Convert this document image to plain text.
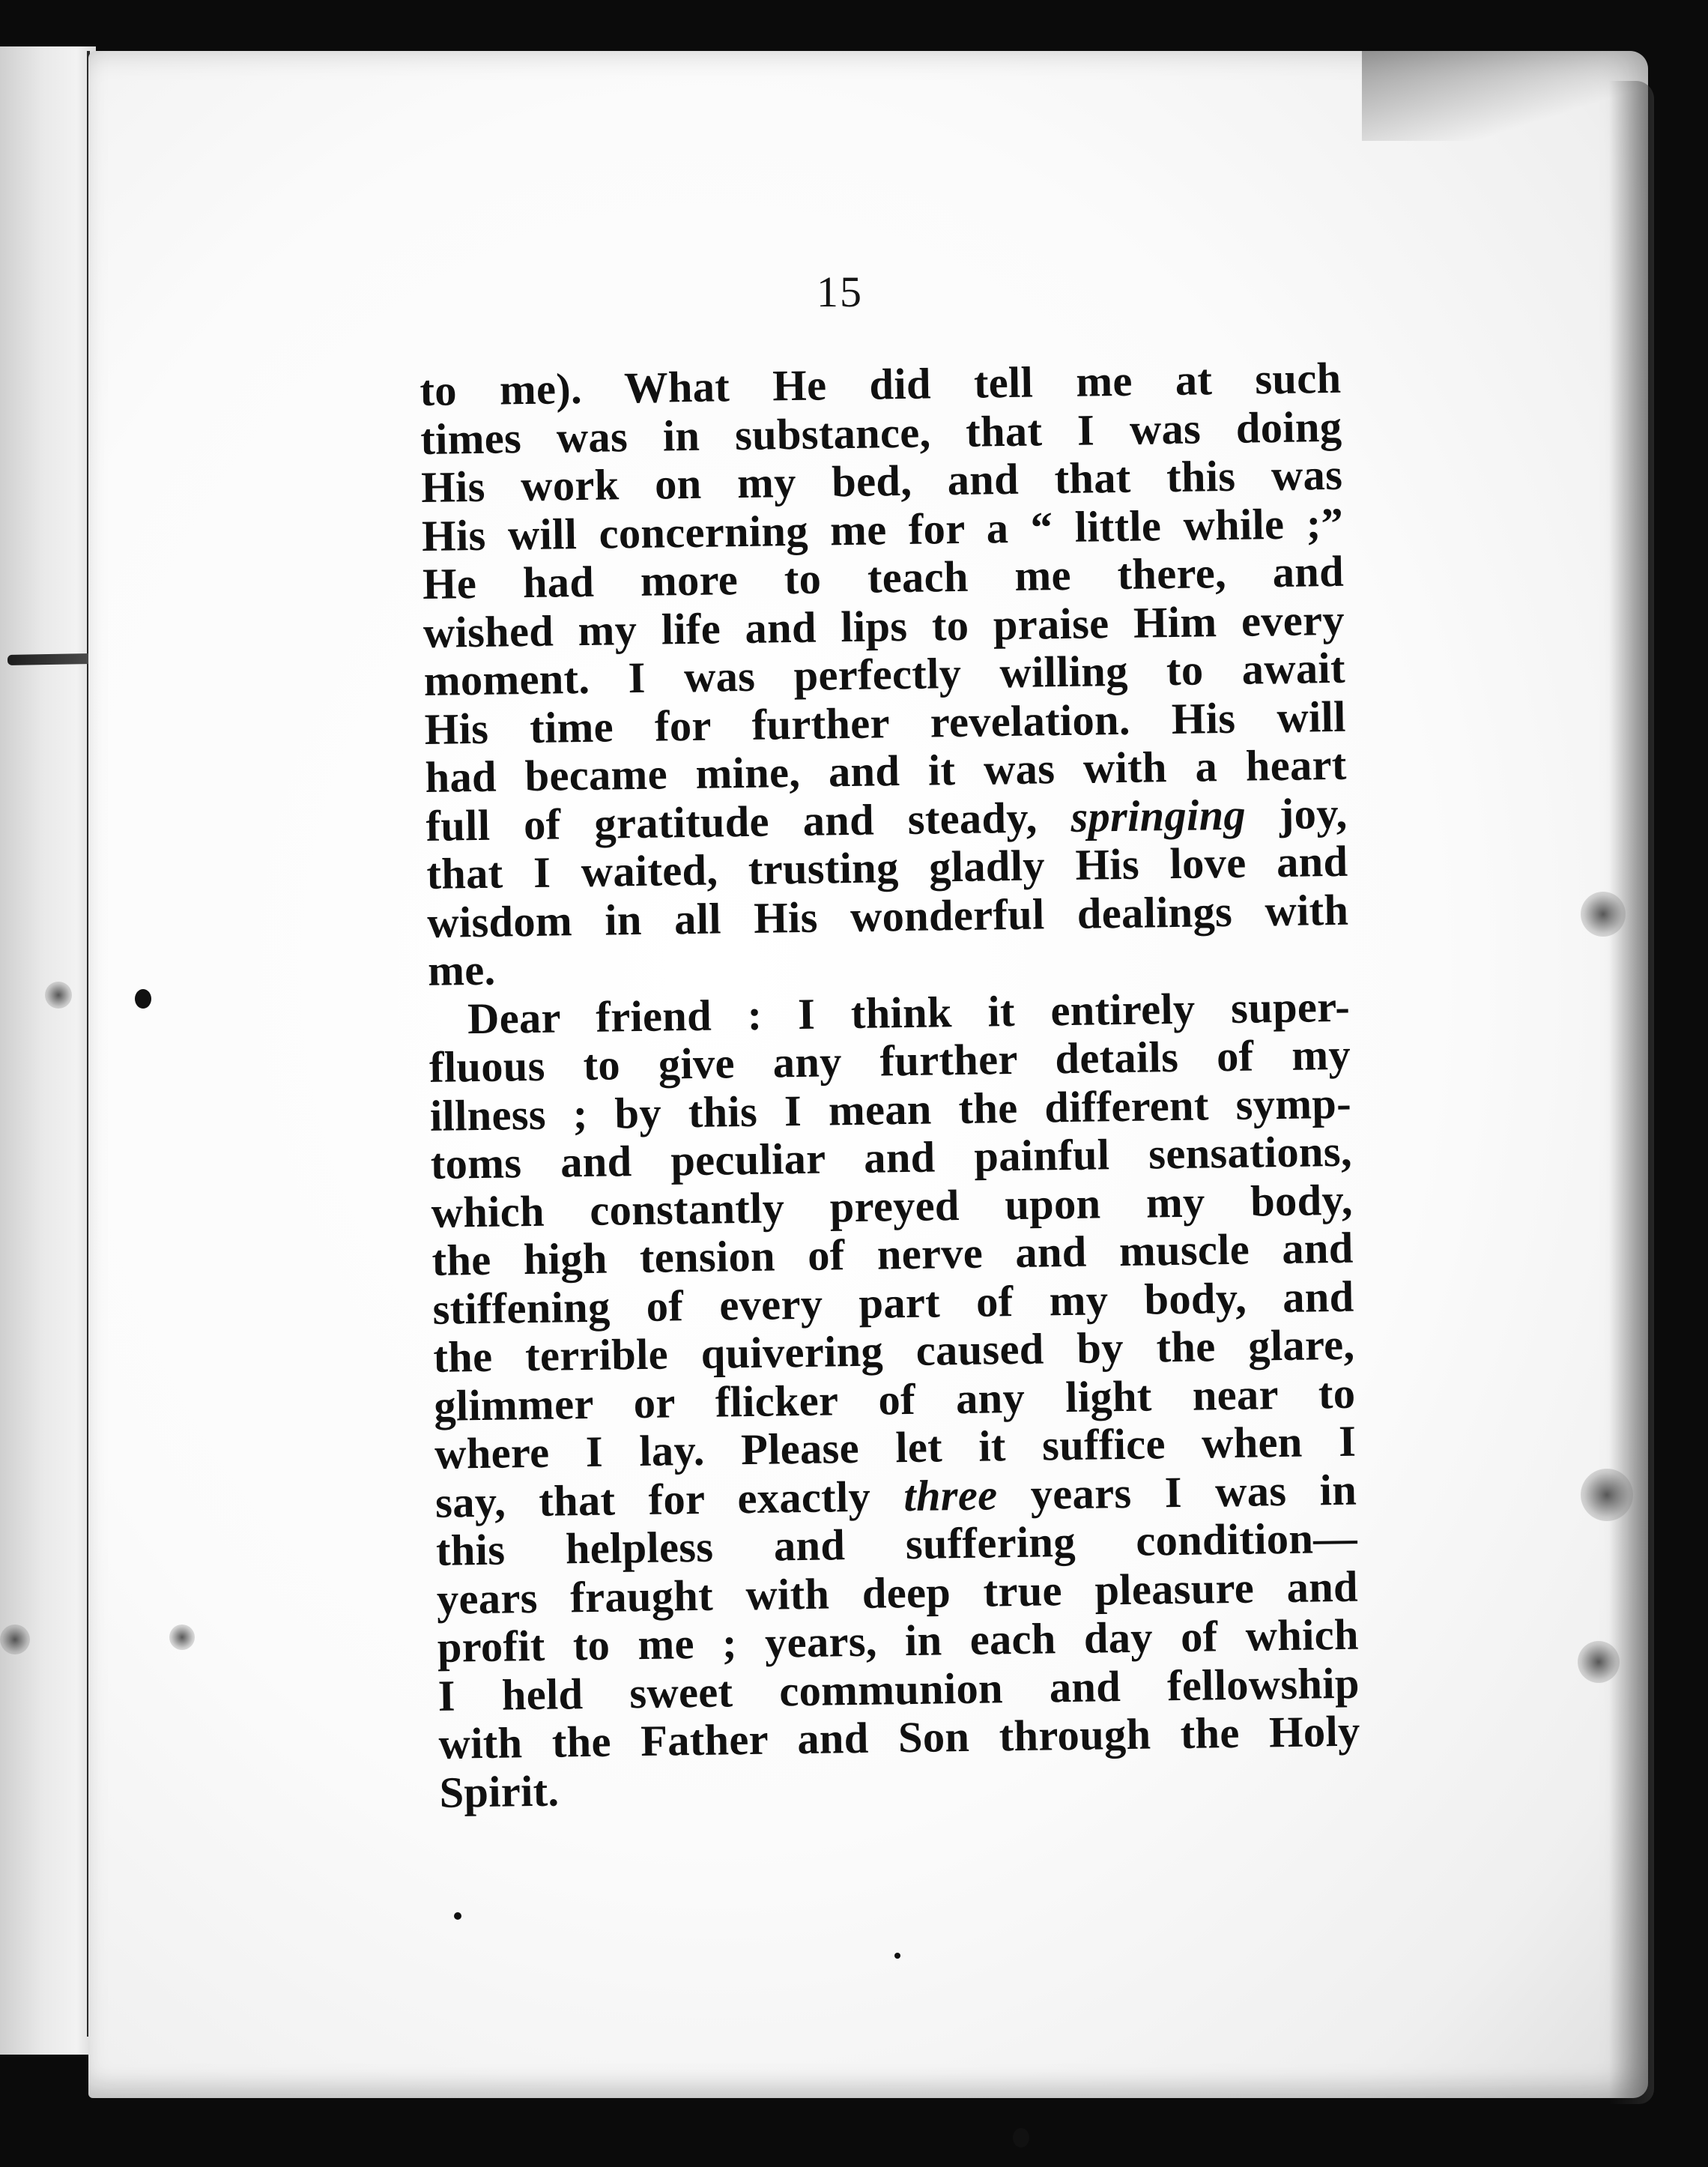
15
to me). What He did tell me at such
times was in substance, that I was doing
His work on my bed, and that this was
His will concerning me for a “ little while ;”
He had more to teach me there, and
wished my life and lips to praise Him every
moment. I was perfectly willing to await
His time for further revelation. His will
had became mine, and it was with a heart
full of gratitude and steady, springing joy,
that I waited, trusting gladly His love and
wisdom in all His wonderful dealings with
me.
Dear friend : I think it entirely super-
fluous to give any further details of my
illness ; by this I mean the different symp-
toms and peculiar and painful sensations,
which constantly preyed upon my body,
the high tension of nerve and muscle and
stiffening of every part of my body, and
the terrible quivering caused by the glare,
glimmer or flicker of any light near to
where I lay. Please let it suffice when I
say, that for exactly three years I was in
this helpless and suffering condition—
years fraught with deep true pleasure and
profit to me ; years, in each day of which
I held sweet communion and fellowship
with the Father and Son through the Holy
Spirit.
